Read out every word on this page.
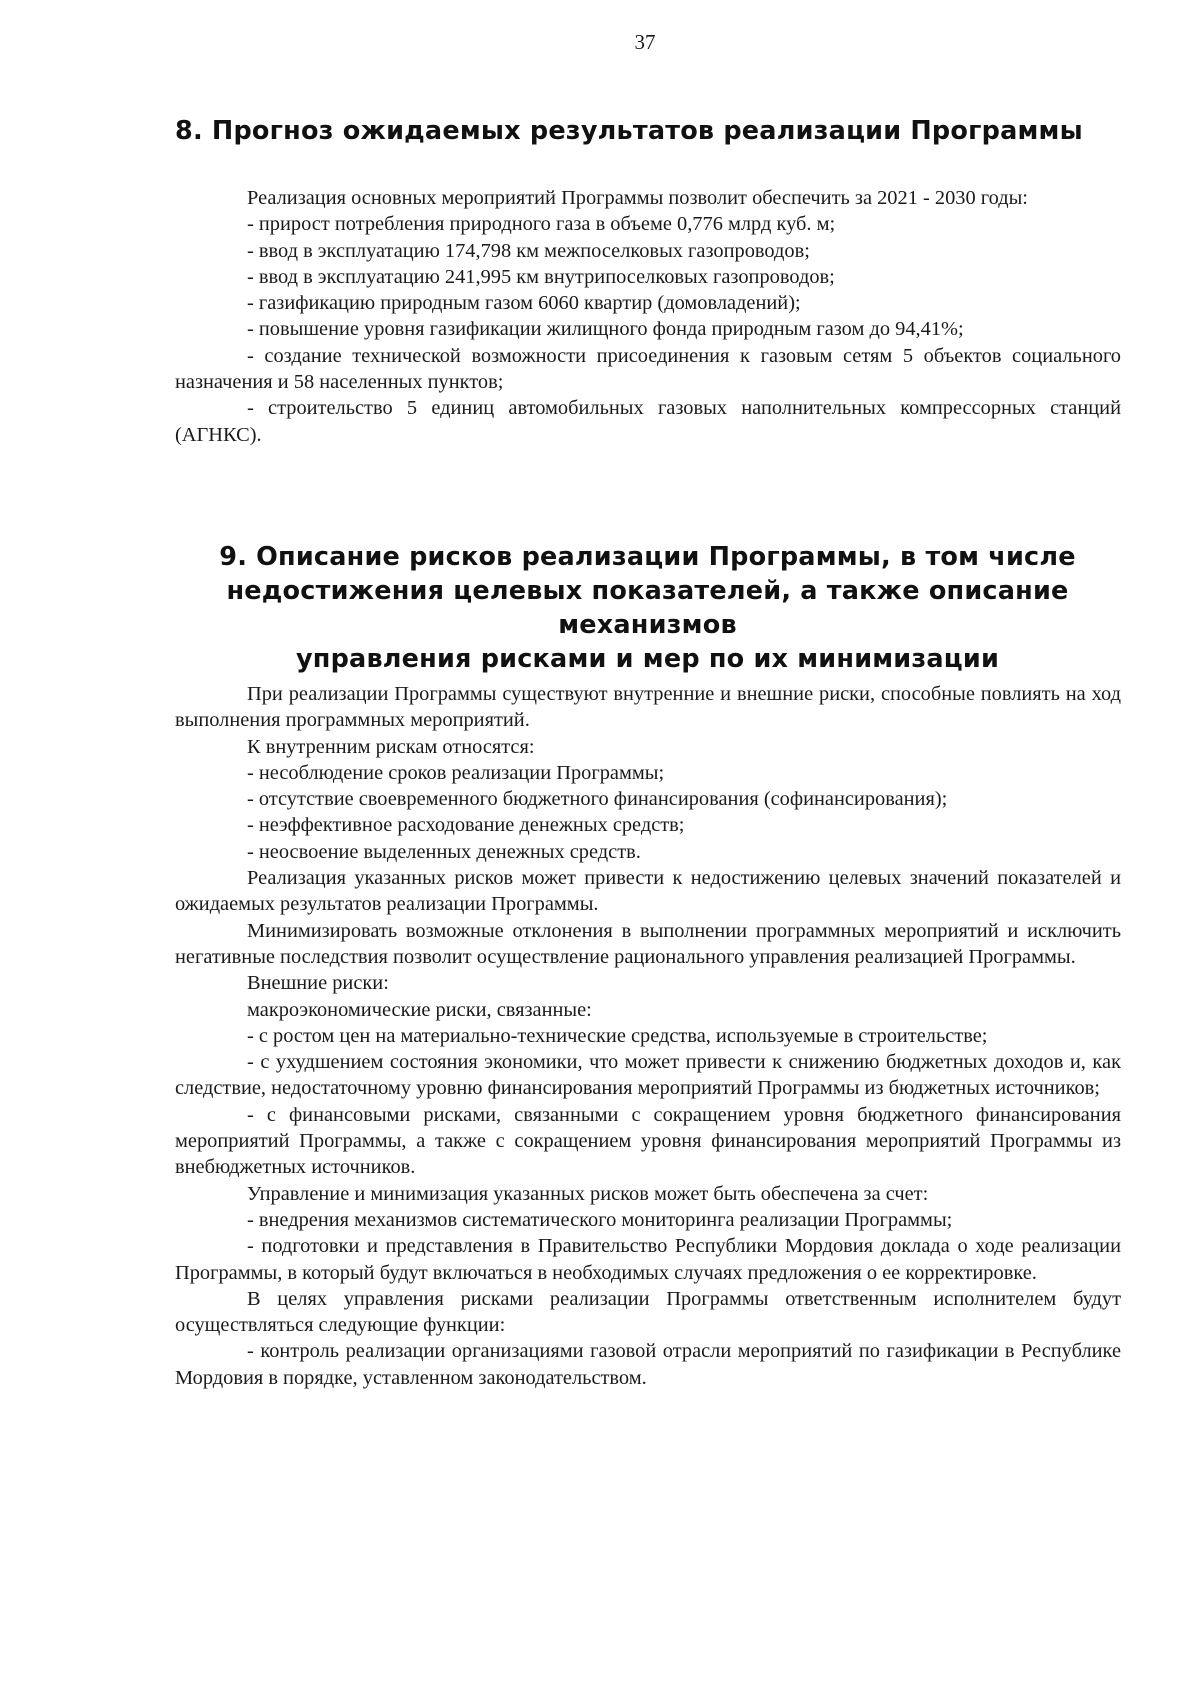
37
8. Прогноз ожидаемых результатов реализации Программы

Реализация основных мероприятий Программы позволит обеспечить за 2021 - 2030 годы:

- прирост потребления природного газа в объеме 0,776 млрд куб. м;

- ввод в эксплуатацию 174,798 км межпоселковых газопроводов;

- ввод в эксплуатацию 241,995 км внутрипоселковых газопроводов;

- газификацию природным газом 6060 квартир (домовладений);

- повышение уровня газификации жилищного фонда природным газом до 94,41%;

- создание технической возможности присоединения к газовым сетям 5 объектов социального назначения и 58 населенных пунктов;

- строительство 5 единиц автомобильных газовых наполнительных компрессорных станций (АГНКС).

9. Описание рисков реализации Программы, в том числе
недостижения целевых показателей, а также описание механизмов
управления рисками и мер по их минимизации

При реализации Программы существуют внутренние и внешние риски, способные повлиять на ход выполнения программных мероприятий.

К внутренним рискам относятся:

- несоблюдение сроков реализации Программы;

- отсутствие своевременного бюджетного финансирования (софинансирования);

- неэффективное расходование денежных средств;

- неосвоение выделенных денежных средств.

Реализация указанных рисков может привести к недостижению целевых значений показателей и ожидаемых результатов реализации Программы.

Минимизировать возможные отклонения в выполнении программных мероприятий и исключить негативные последствия позволит осуществление рационального управления реализацией Программы.

Внешние риски:

макроэкономические риски, связанные:

- с ростом цен на материально-технические средства, используемые в строительстве;

- с ухудшением состояния экономики, что может привести к снижению бюджетных доходов и, как следствие, недостаточному уровню финансирования мероприятий Программы из бюджетных источников;

- с финансовыми рисками, связанными с сокращением уровня бюджетного финансирования мероприятий Программы, а также с сокращением уровня финансирования мероприятий Программы из внебюджетных источников.

Управление и минимизация указанных рисков может быть обеспечена за счет:

- внедрения механизмов систематического мониторинга реализации Программы;

- подготовки и представления в Правительство Республики Мордовия доклада о ходе реализации Программы, в который будут включаться в необходимых случаях предложения о ее корректировке.

В целях управления рисками реализации Программы ответственным исполнителем будут осуществляться следующие функции:

- контроль реализации организациями газовой отрасли мероприятий по газификации в Республике Мордовия в порядке, уставленном законодательством.
